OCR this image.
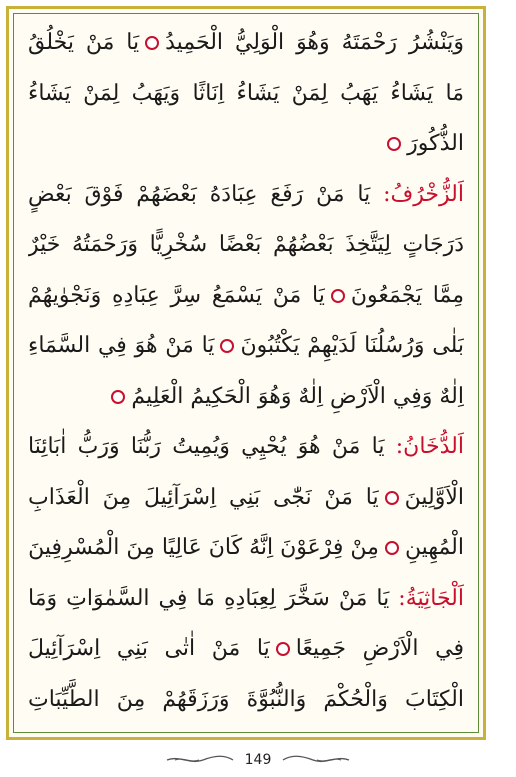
وَيَنْشُرُ رَحْمَتَهُ وَهُوَ الْوَلِيُّ الْحَمِيدُيَا مَنْ يَخْلُقُ
مَا يَشَاءُ يَهَبُ لِمَنْ يَشَاءُ اِنَاثًا وَيَهَبُ لِمَنْ يَشَاءُ
الذُّكُورَ
اَلزُّخْرُفُ: يَا مَنْ رَفَعَ عِبَادَهُ بَعْضَهُمْ فَوْقَ بَعْضٍ
دَرَجَاتٍ لِيَتَّخِذَ بَعْضُهُمْ بَعْضًا سُخْرِيًّا وَرَحْمَتُهُ خَيْرٌ
مِمَّا يَجْمَعُونَيَا مَنْ يَسْمَعُ سِرَّ عِبَادِهِ وَنَجْوٰيهُمْ
بَلٰى وَرُسُلُنَا لَدَيْهِمْ يَكْتُبُونَيَا مَنْ هُوَ فِي السَّمَاءِ
اِلٰهٌ وَفِي الْاَرْضِ اِلٰهٌ وَهُوَ الْحَكِيمُ الْعَلِيمُ
اَلدُّخَانُ: يَا مَنْ هُوَ يُحْيِي وَيُمِيتُ رَبُّنَا وَرَبُّ اٰبَائِنَا
الْاَوَّلِينَيَا مَنْ نَجّٰى بَنِي اِسْرَآئِيلَ مِنَ الْعَذَابِ
الْمُهِينِمِنْ فِرْعَوْنَ اِنَّهُ كَانَ عَالِيًا مِنَ الْمُسْرِفِينَ
اَلْجَاثِيَةُ: يَا مَنْ سَخَّرَ لِعِبَادِهِ مَا فِي السَّمٰوَاتِ وَمَا
فِي الْاَرْضِ جَمِيعًايَا مَنْ اٰتٰى بَنِي اِسْرَآئِيلَ
الْكِتَابَ وَالْحُكْمَ وَالنُّبُوَّةَ وَرَزَقَهُمْ مِنَ الطَّيِّبَاتِ
149
